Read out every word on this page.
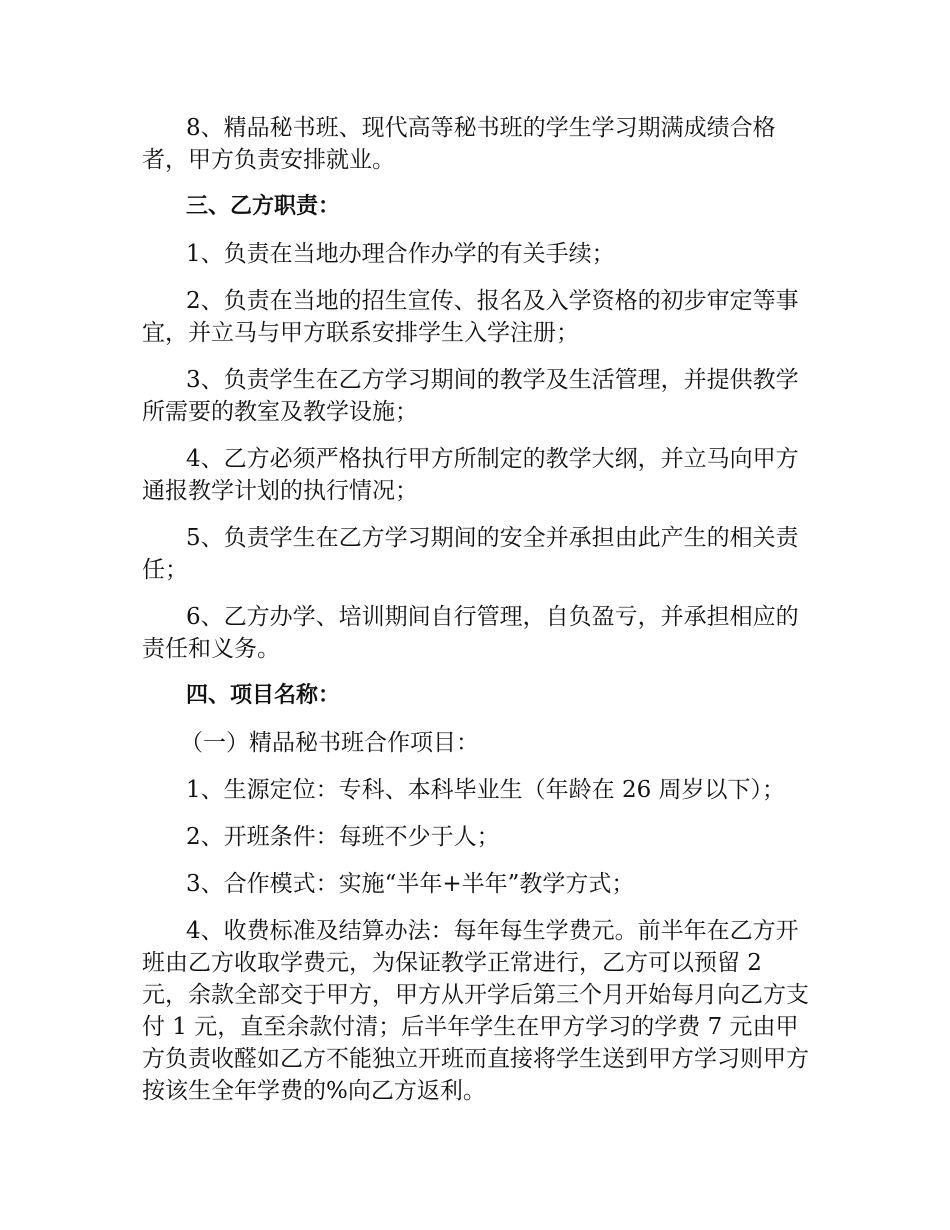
8、精品秘书班、现代高等秘书班的学生学习期满成绩合格者，甲方负责安排就业。

三、乙方职责：

1、负责在当地办理合作办学的有关手续；

2、负责在当地的招生宣传、报名及入学资格的初步审定等事宜，并立马与甲方联系安排学生入学注册；

3、负责学生在乙方学习期间的教学及生活管理，并提供教学所需要的教室及教学设施；

4、乙方必须严格执行甲方所制定的教学大纲，并立马向甲方通报教学计划的执行情况；

5、负责学生在乙方学习期间的安全并承担由此产生的相关责任；

6、乙方办学、培训期间自行管理，自负盈亏，并承担相应的责任和义务。

四、项目名称：

（一）精品秘书班合作项目：

1、生源定位：专科、本科毕业生（年龄在 26 周岁以下）；

2、开班条件：每班不少于人；

3、合作模式：实施“半年+半年”教学方式；

4、收费标准及结算办法：每年每生学费元。前半年在乙方开班由乙方收取学费元，为保证教学正常进行，乙方可以预留 2 元，余款全部交于甲方，甲方从开学后第三个月开始每月向乙方支付 1 元，直至余款付清；后半年学生在甲方学习的学费 7 元由甲方负责收醛如乙方不能独立开班而直接将学生送到甲方学习则甲方按该生全年学费的%向乙方返利。
